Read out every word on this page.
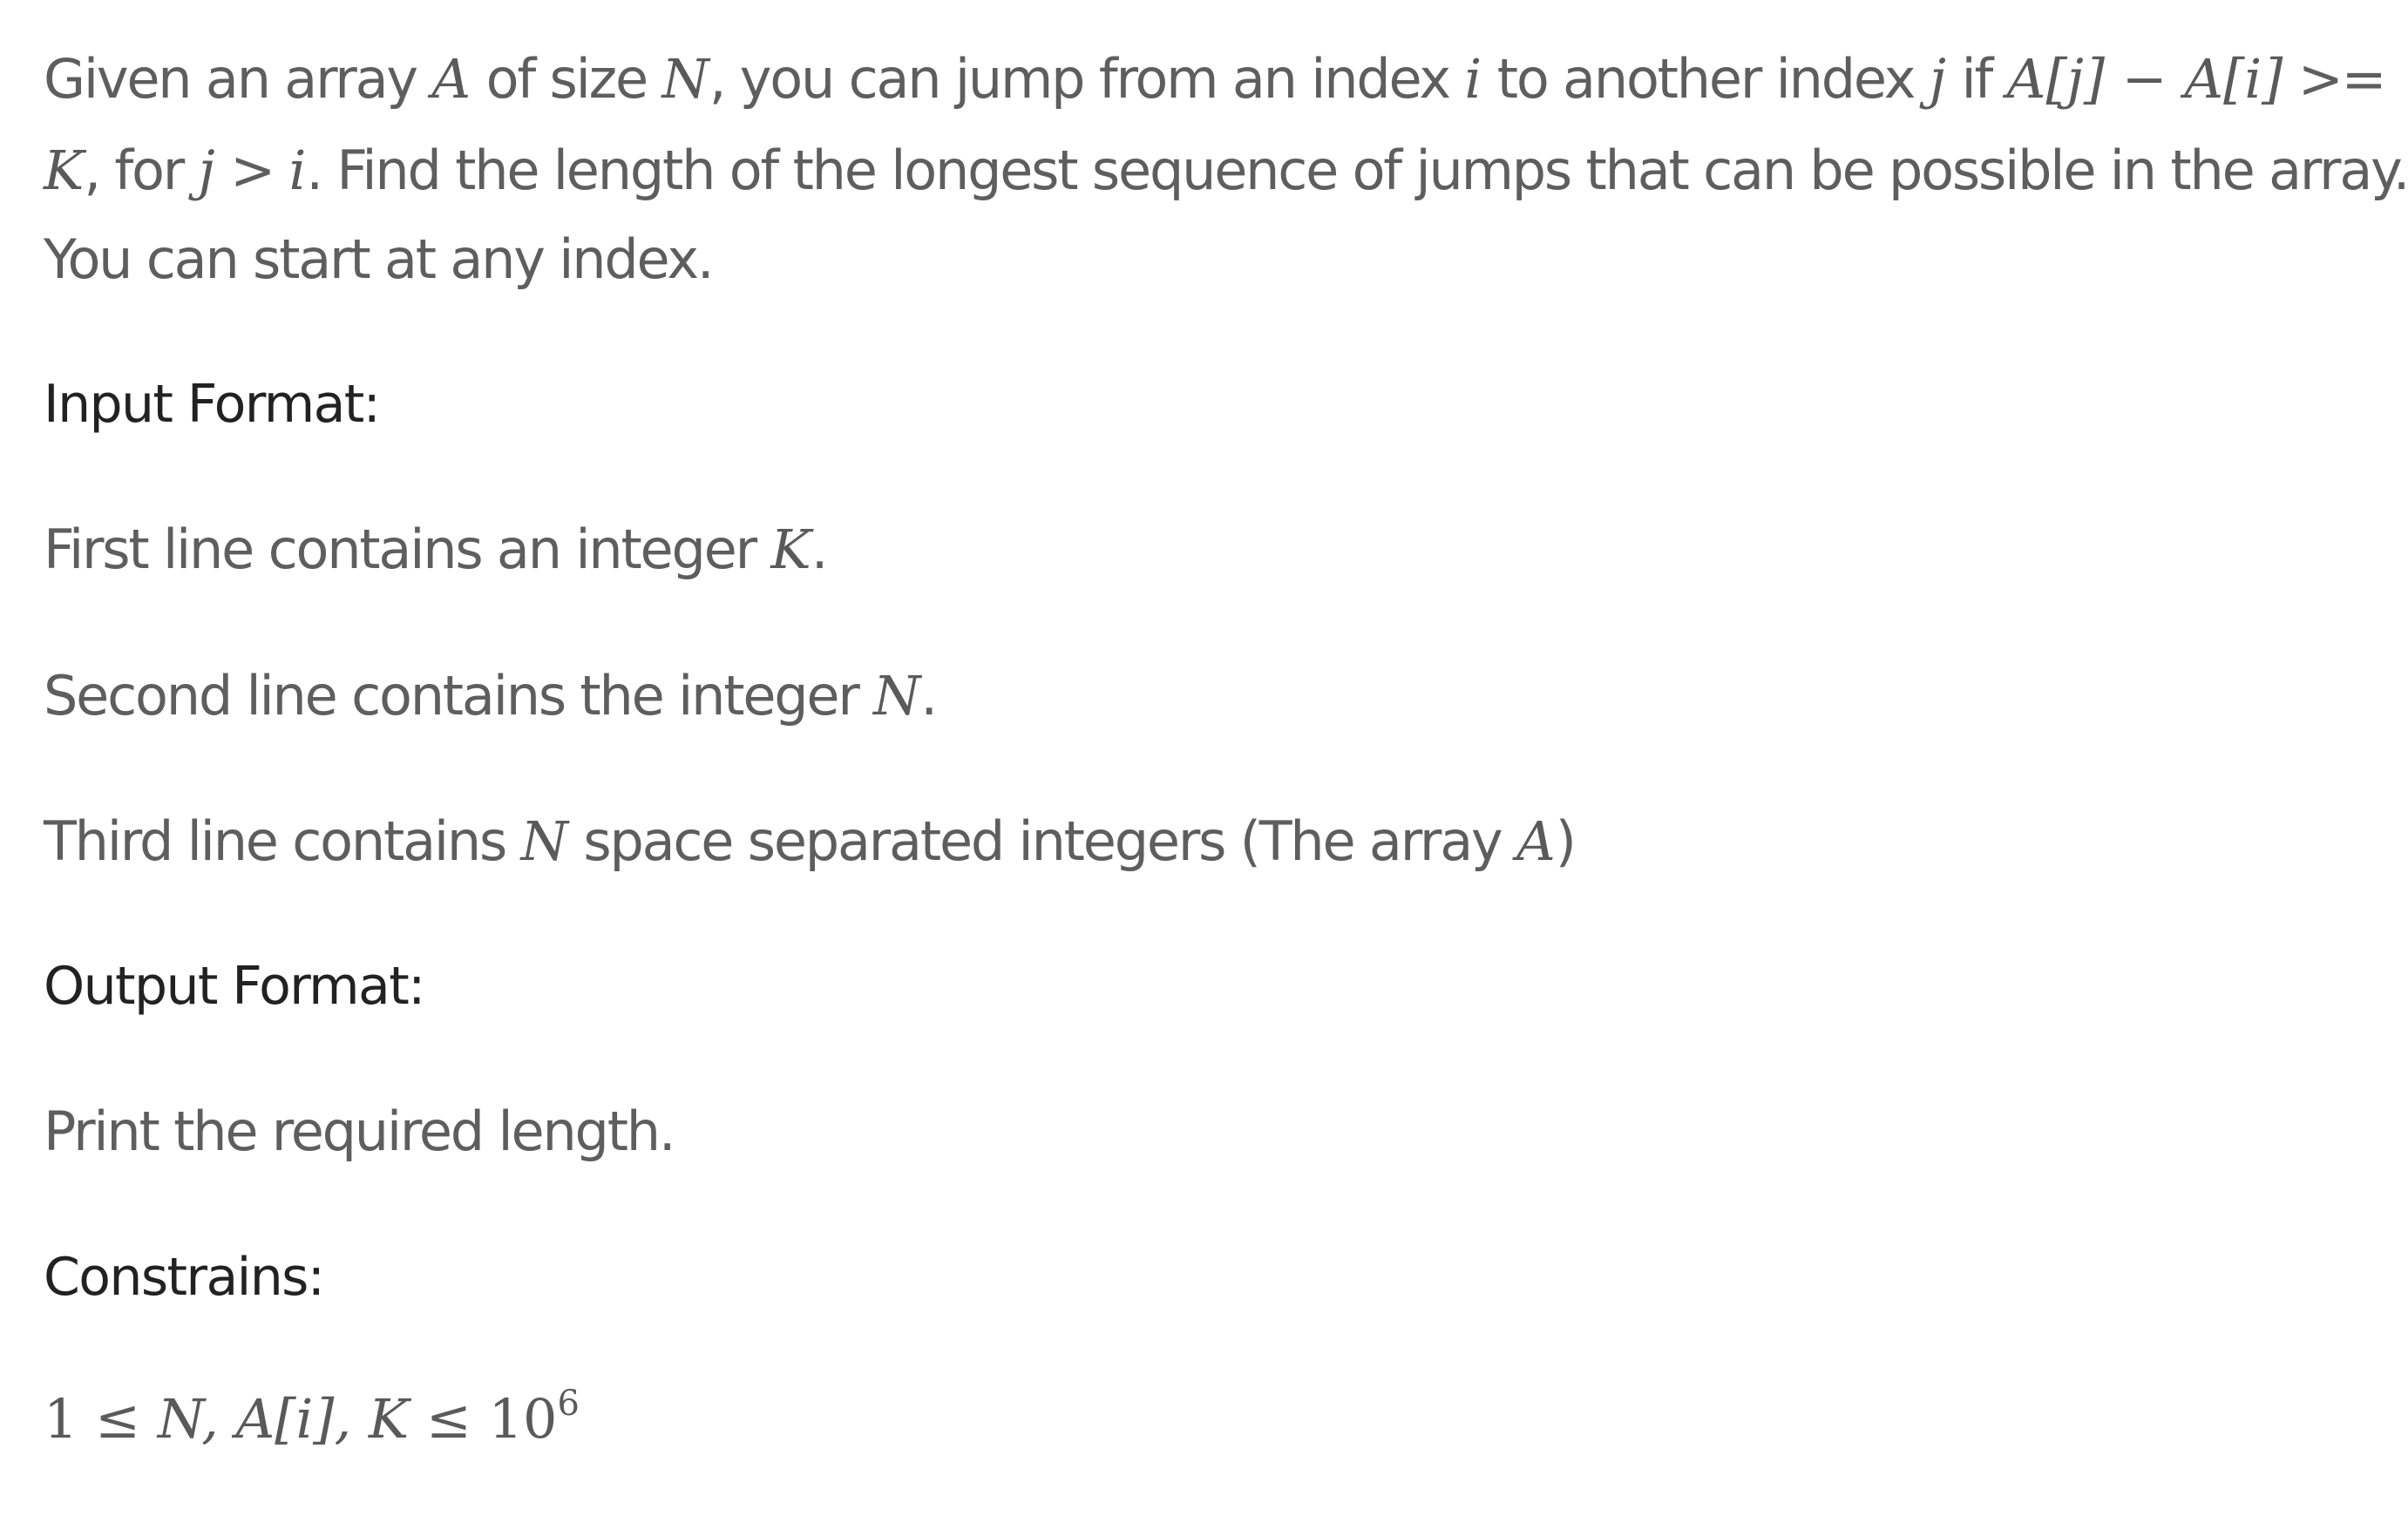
Given an array A of size N, you can jump from an index i to another index j if A[j] − A[i] >=
K, for j > i. Find the length of the longest sequence of jumps that can be possible in the array.
You can start at any index.
Input Format:
First line contains an integer K.
Second line contains the integer N.
Third line contains N space separated integers (The array A)
Output Format:
Print the required length.
Constrains:
1 ≤ N, A[i], $K \le 10^6$
